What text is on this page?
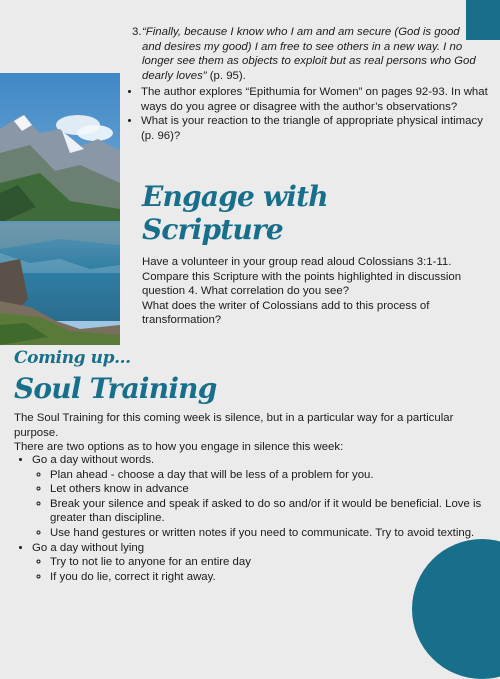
3. “Finally, because I know who I am and am secure (God is good and desires my good) I am free to see others in a new way. I no longer see them as objects to exploit but as real persons who God dearly loves” (p. 95).
• The author explores “Epithumia for Women” on pages 92-93. In what ways do you agree or disagree with the author’s observations?
• What is your reaction to the triangle of appropriate physical intimacy (p. 96)?
Engage with
Scripture

Have a volunteer in your group read aloud Colossians 3:1-11. Compare this Scripture with the points highlighted in discussion question 4. What correlation do you see?

What does the writer of Colossians add to this process of transformation?

Coming up...
Soul Training

The Soul Training for this coming week is silence, but in a particular way for a particular purpose.

There are two options as to how you engage in silence this week:

• Go a day without words.
◦ Plan ahead - choose a day that will be less of a problem for you.
◦ Let others know in advance
◦ Break your silence and speak if asked to do so and/or if it would be beneficial. Love is greater than discipline.
◦ Use hand gestures or written notes if you need to communicate. Try to avoid texting.
• Go a day without lying
◦ Try to not lie to anyone for an entire day
◦ If you do lie, correct it right away.
